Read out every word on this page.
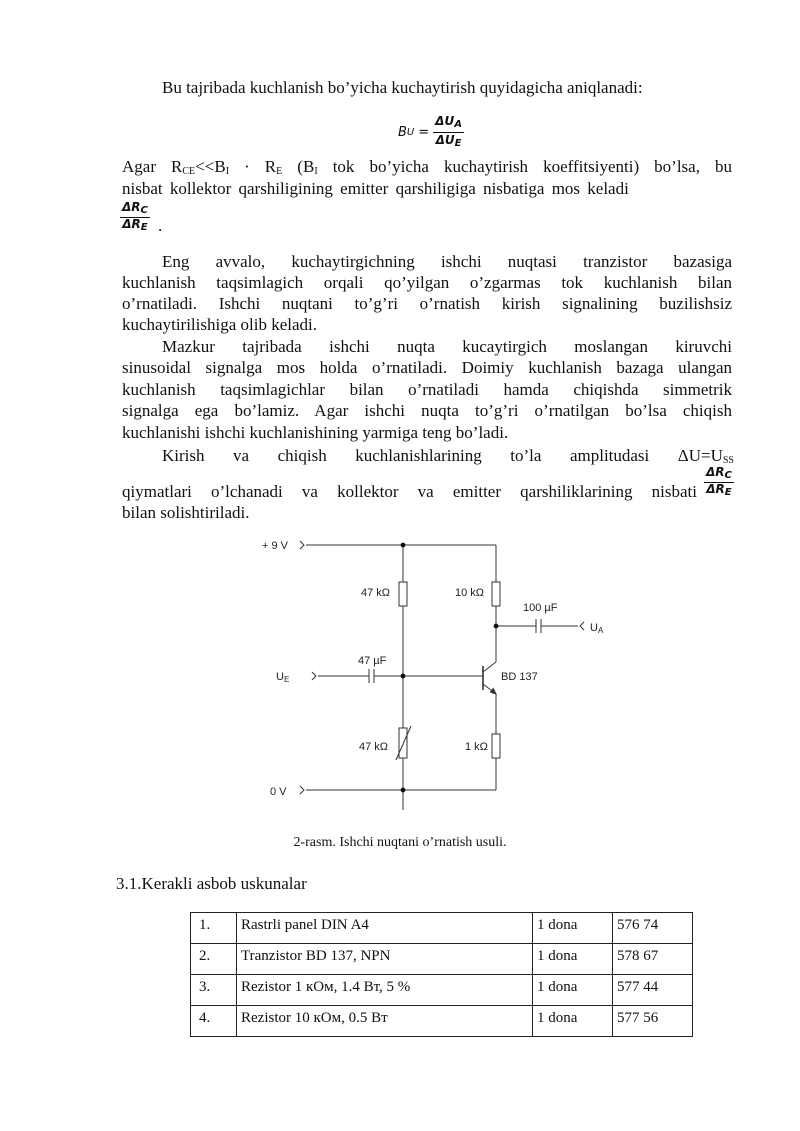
Bu tajribada kuchlanish bo’yicha kuchaytirish quyidagicha aniqlanadi:

B U =
$\Delta U_A$
$\Delta U_E$

Agar $R_{CE}<<B_I \cdot R_E$ ($B_I$ tok bo’yicha kuchaytirish koeffitsiyenti) bo’lsa, bu

nisbat kollektor qarshiligining emitter qarshiligiga nisbatiga mos keladi

$\Delta R_C$
$\Delta R_E$ .

Eng avvalo, kuchaytirgichning ishchi nuqtasi tranzistor bazasiga

kuchlanish taqsimlagich orqali qo’yilgan o’zgarmas tok kuchlanish bilan

o’rnatiladi. Ishchi nuqtani to’g’ri o’rnatish kirish signalining buzilishsiz

kuchaytirilishiga olib keladi.

Mazkur tajribada ishchi nuqta kucaytirgich moslangan kiruvchi

sinusoidal signalga mos holda o’rnatiladi. Doimiy kuchlanish bazaga ulangan

kuchlanish taqsimlagichlar bilan o’rnatiladi hamda chiqishda simmetrik

signalga ega bo’lamiz. Agar ishchi nuqta to’g’ri o’rnatilgan bo’lsa chiqish

kuchlanishi ishchi kuchlanishining yarmiga teng bo’ladi.

Kirish va chiqish kuchlanishlarining to’la amplitudasi $\Delta U=U_{SS}$

qiymatlari o’lchanadi va kollektor va emitter qarshiliklarining nisbati

$\Delta R_C$
$\Delta R_E$

bilan solishtiriladi.

+ 9 V
47 kΩ	10 kΩ
100 µF
UA
47 µF
UE	BD 137
47 kΩ	1 kΩ
0 V
2-rasm. Ishchi nuqtani o’rnatish usuli.

3.1.Kerakli asbob uskunalar

1.	Rastrli panel DIN A4	1 dona	576 74
2.	Tranzistor BD 137, NPN	1 dona	578 67
3.	Rezistor 1 кОм, 1.4 Вт, 5 %	1 dona	577 44
4.	Rezistor 10 кОм, 0.5 Вт	1 dona	577 56
